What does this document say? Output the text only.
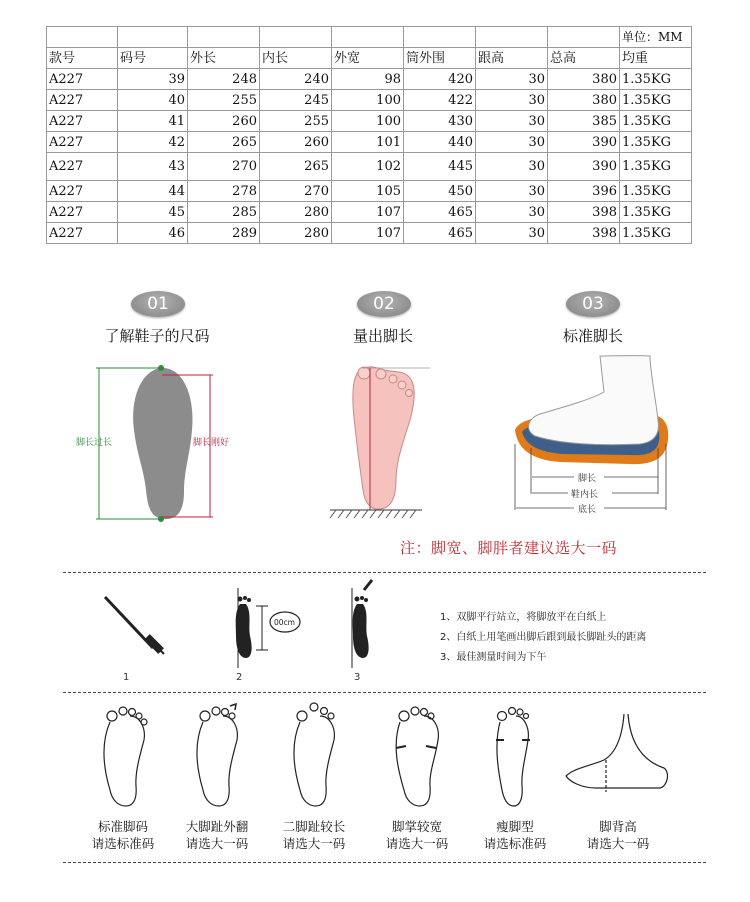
								单位：MM
款号	码号	外长	内长	外宽	筒外围	跟高	总高	均重
A227	39	248	240	98	420	30	380	1.35KG
A227	40	255	245	100	422	30	380	1.35KG
A227	41	260	255	100	430	30	385	1.35KG
A227	42	265	260	101	440	30	390	1.35KG
A227	43	270	265	102	445	30	390	1.35KG
A227	44	278	270	105	450	30	396	1.35KG
A227	45	285	280	107	465	30	398	1.35KG
A227	46	289	280	107	465	30	398	1.35KG
01	02	03
了解鞋子的尺码	量出脚长	标准脚长
脚长过长	脚长刚好
脚长
鞋内长
底长
注：脚宽、脚胖者建议选大一码
00cm
1	2	3
1、双脚平行站立，将脚放平在白纸上
2、白纸上用笔画出脚后跟到最长脚趾头的距离
3、最佳测量时间为下午
标准脚码
请选标准码
大脚趾外翻
请选大一码
二脚趾较长
请选大一码
脚掌较宽
请选大一码
瘦脚型
请选标准码
脚背高
请选大一码
